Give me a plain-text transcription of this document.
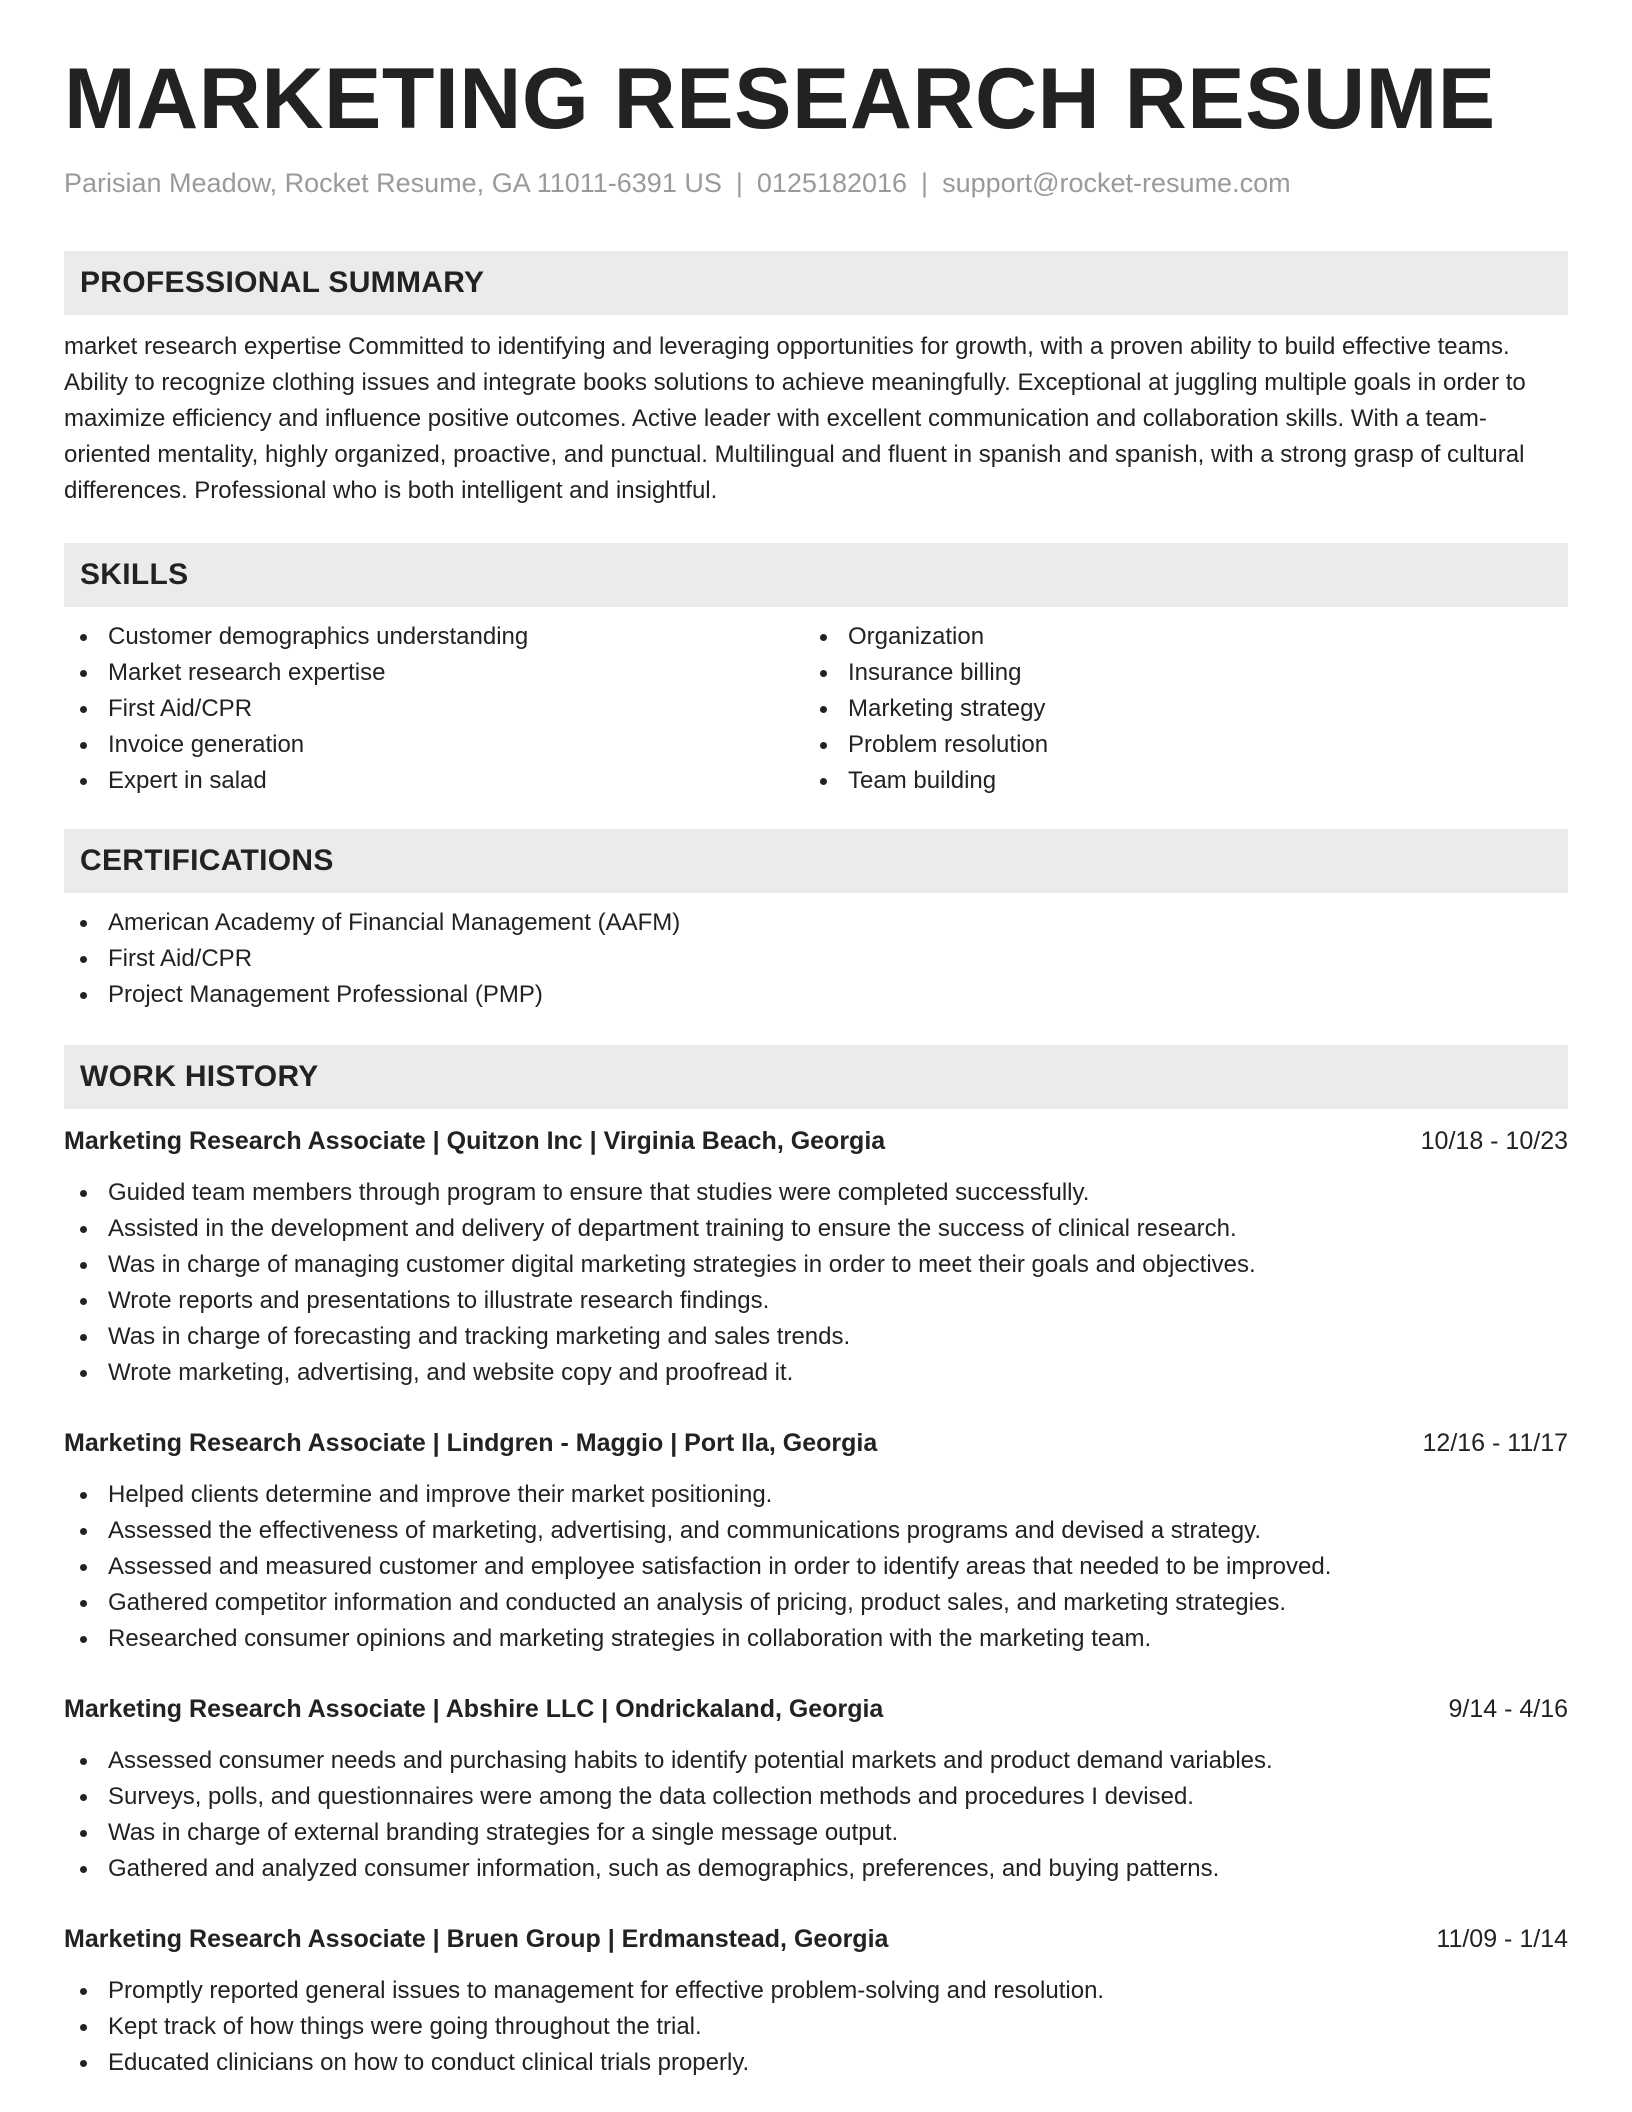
MARKETING RESEARCH RESUME
Parisian Meadow, Rocket Resume, GA 11011-6391 US | 0125182016 | support@rocket-resume.com
PROFESSIONAL SUMMARY

market research expertise Committed to identifying and leveraging opportunities for growth, with a proven ability to build effective teams. Ability to recognize clothing issues and integrate books solutions to achieve meaningfully. Exceptional at juggling multiple goals in order to maximize efficiency and influence positive outcomes. Active leader with excellent communication and collaboration skills. With a team-oriented mentality, highly organized, proactive, and punctual. Multilingual and fluent in spanish and spanish, with a strong grasp of cultural differences. Professional who is both intelligent and insightful.

SKILLS
Customer demographics understanding
Market research expertise
First Aid/CPR
Invoice generation
Expert in salad
Organization
Insurance billing
Marketing strategy
Problem resolution
Team building
CERTIFICATIONS
American Academy of Financial Management (AAFM)
First Aid/CPR
Project Management Professional (PMP)
WORK HISTORY
Marketing Research Associate | Quitzon Inc | Virginia Beach, Georgia	10/18 - 10/23
Guided team members through program to ensure that studies were completed successfully.
Assisted in the development and delivery of department training to ensure the success of clinical research.
Was in charge of managing customer digital marketing strategies in order to meet their goals and objectives.
Wrote reports and presentations to illustrate research findings.
Was in charge of forecasting and tracking marketing and sales trends.
Wrote marketing, advertising, and website copy and proofread it.
Marketing Research Associate | Lindgren - Maggio | Port Ila, Georgia	12/16 - 11/17
Helped clients determine and improve their market positioning.
Assessed the effectiveness of marketing, advertising, and communications programs and devised a strategy.
Assessed and measured customer and employee satisfaction in order to identify areas that needed to be improved.
Gathered competitor information and conducted an analysis of pricing, product sales, and marketing strategies.
Researched consumer opinions and marketing strategies in collaboration with the marketing team.
Marketing Research Associate | Abshire LLC | Ondrickaland, Georgia	9/14 - 4/16
Assessed consumer needs and purchasing habits to identify potential markets and product demand variables.
Surveys, polls, and questionnaires were among the data collection methods and procedures I devised.
Was in charge of external branding strategies for a single message output.
Gathered and analyzed consumer information, such as demographics, preferences, and buying patterns.
Marketing Research Associate | Bruen Group | Erdmanstead, Georgia	11/09 - 1/14
Promptly reported general issues to management for effective problem-solving and resolution.
Kept track of how things were going throughout the trial.
Educated clinicians on how to conduct clinical trials properly.
